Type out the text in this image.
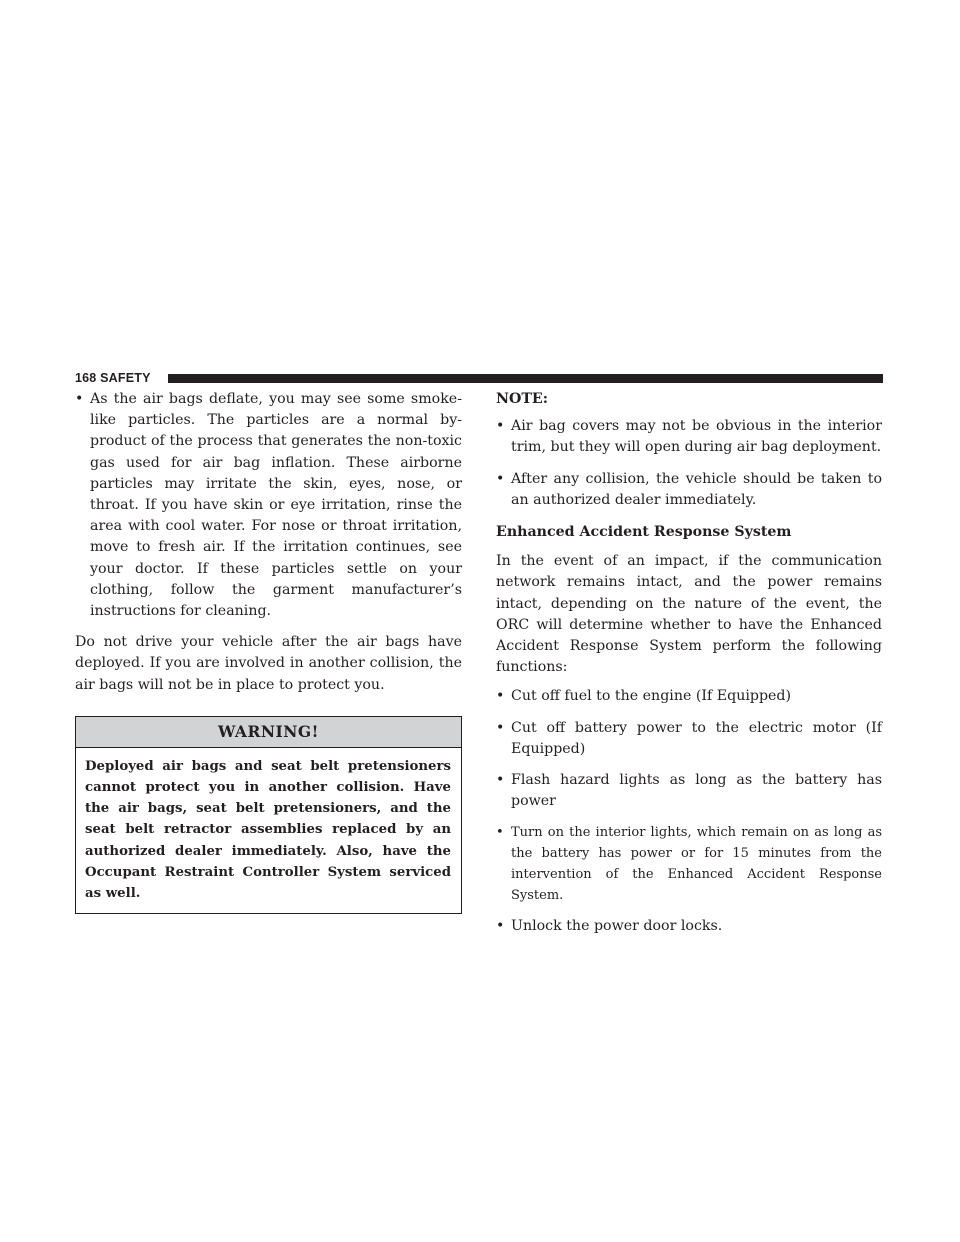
168 SAFETY

• As the air bags deflate, you may see some smoke-like particles. The particles are a normal by-product of the process that generates the non-toxic gas used for air bag inflation. These airborne particles may irritate the skin, eyes, nose, or throat. If you have skin or eye irritation, rinse the area with cool water. For nose or throat irritation, move to fresh air. If the irritation continues, see your doctor. If these particles settle on your clothing, follow the garment manufacturer’s instructions for cleaning.

Do not drive your vehicle after the air bags have deployed. If you are involved in another collision, the air bags will not be in place to protect you.

WARNING!
Deployed air bags and seat belt pretensioners cannot protect you in another collision. Have the air bags, seat belt pretensioners, and the seat belt retractor assemblies replaced by an authorized dealer immediately. Also, have the Occupant Restraint Controller System serviced as well.

NOTE:

• Air bag covers may not be obvious in the interior trim, but they will open during air bag deployment.

• After any collision, the vehicle should be taken to an authorized dealer immediately.

Enhanced Accident Response System

In the event of an impact, if the communication network remains intact, and the power remains intact, depending on the nature of the event, the ORC will determine whether to have the Enhanced Accident Response System perform the following functions:

• Cut off fuel to the engine (If Equipped)

• Cut off battery power to the electric motor (If Equipped)

• Flash hazard lights as long as the battery has power

• Turn on the interior lights, which remain on as long as the battery has power or for 15 minutes from the intervention of the Enhanced Accident Response System.

• Unlock the power door locks.
